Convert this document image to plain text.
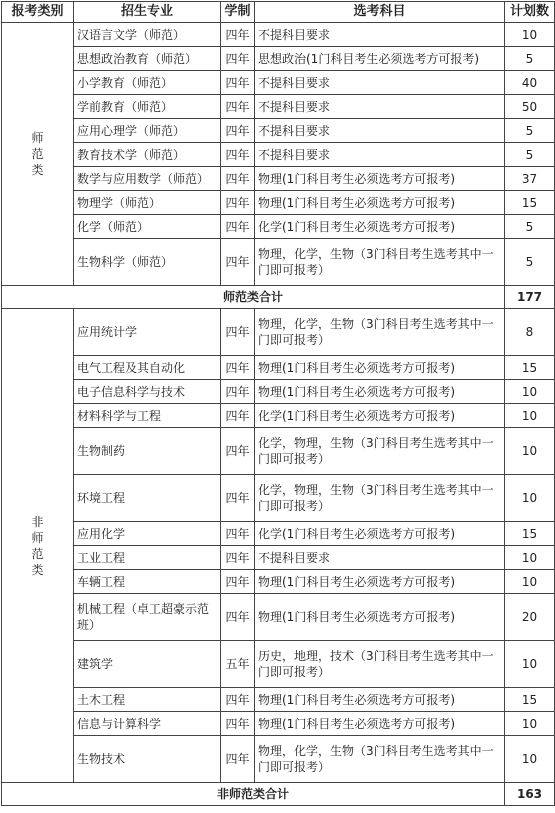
报考类别	招生专业	学制	选考科目	计划数
师范类	汉语言文学（师范）	四年	不提科目要求	10
	思想政治教育（师范）	四年	思想政治(1门科目考生必须选考方可报考)	5
	小学教育（师范）	四年	不提科目要求	40
	学前教育（师范）	四年	不提科目要求	50
	应用心理学（师范）	四年	不提科目要求	5
	教育技术学（师范）	四年	不提科目要求	5
	数学与应用数学（师范）	四年	物理(1门科目考生必须选考方可报考)	37
	物理学（师范）	四年	物理(1门科目考生必须选考方可报考)	15
	化学（师范）	四年	化学(1门科目考生必须选考方可报考)	5
	生物科学（师范）	四年	物理，化学，生物（3门科目考生选考其中一门即可报考）	5
师范类合计				177
非师范类	应用统计学	四年	物理，化学，生物（3门科目考生选考其中一门即可报考）	8
	电气工程及其自动化	四年	物理(1门科目考生必须选考方可报考)	15
	电子信息科学与技术	四年	物理(1门科目考生必须选考方可报考)	10
	材料科学与工程	四年	化学(1门科目考生必须选考方可报考)	10
	生物制药	四年	化学，物理，生物（3门科目考生选考其中一门即可报考）	10
	环境工程	四年	化学，物理，生物（3门科目考生选考其中一门即可报考）	10
	应用化学	四年	化学(1门科目考生必须选考方可报考)	15
	工业工程	四年	不提科目要求	10
	车辆工程	四年	物理(1门科目考生必须选考方可报考)	10
	机械工程（卓工超豪示范班）	四年	物理(1门科目考生必须选考方可报考)	20
	建筑学	五年	历史，地理，技术（3门科目考生选考其中一门即可报考）	10
	土木工程	四年	物理(1门科目考生必须选考方可报考)	15
	信息与计算科学	四年	物理(1门科目考生必须选考方可报考)	10
	生物技术	四年	物理，化学，生物（3门科目考生选考其中一门即可报考）	10
非师范类合计				163
